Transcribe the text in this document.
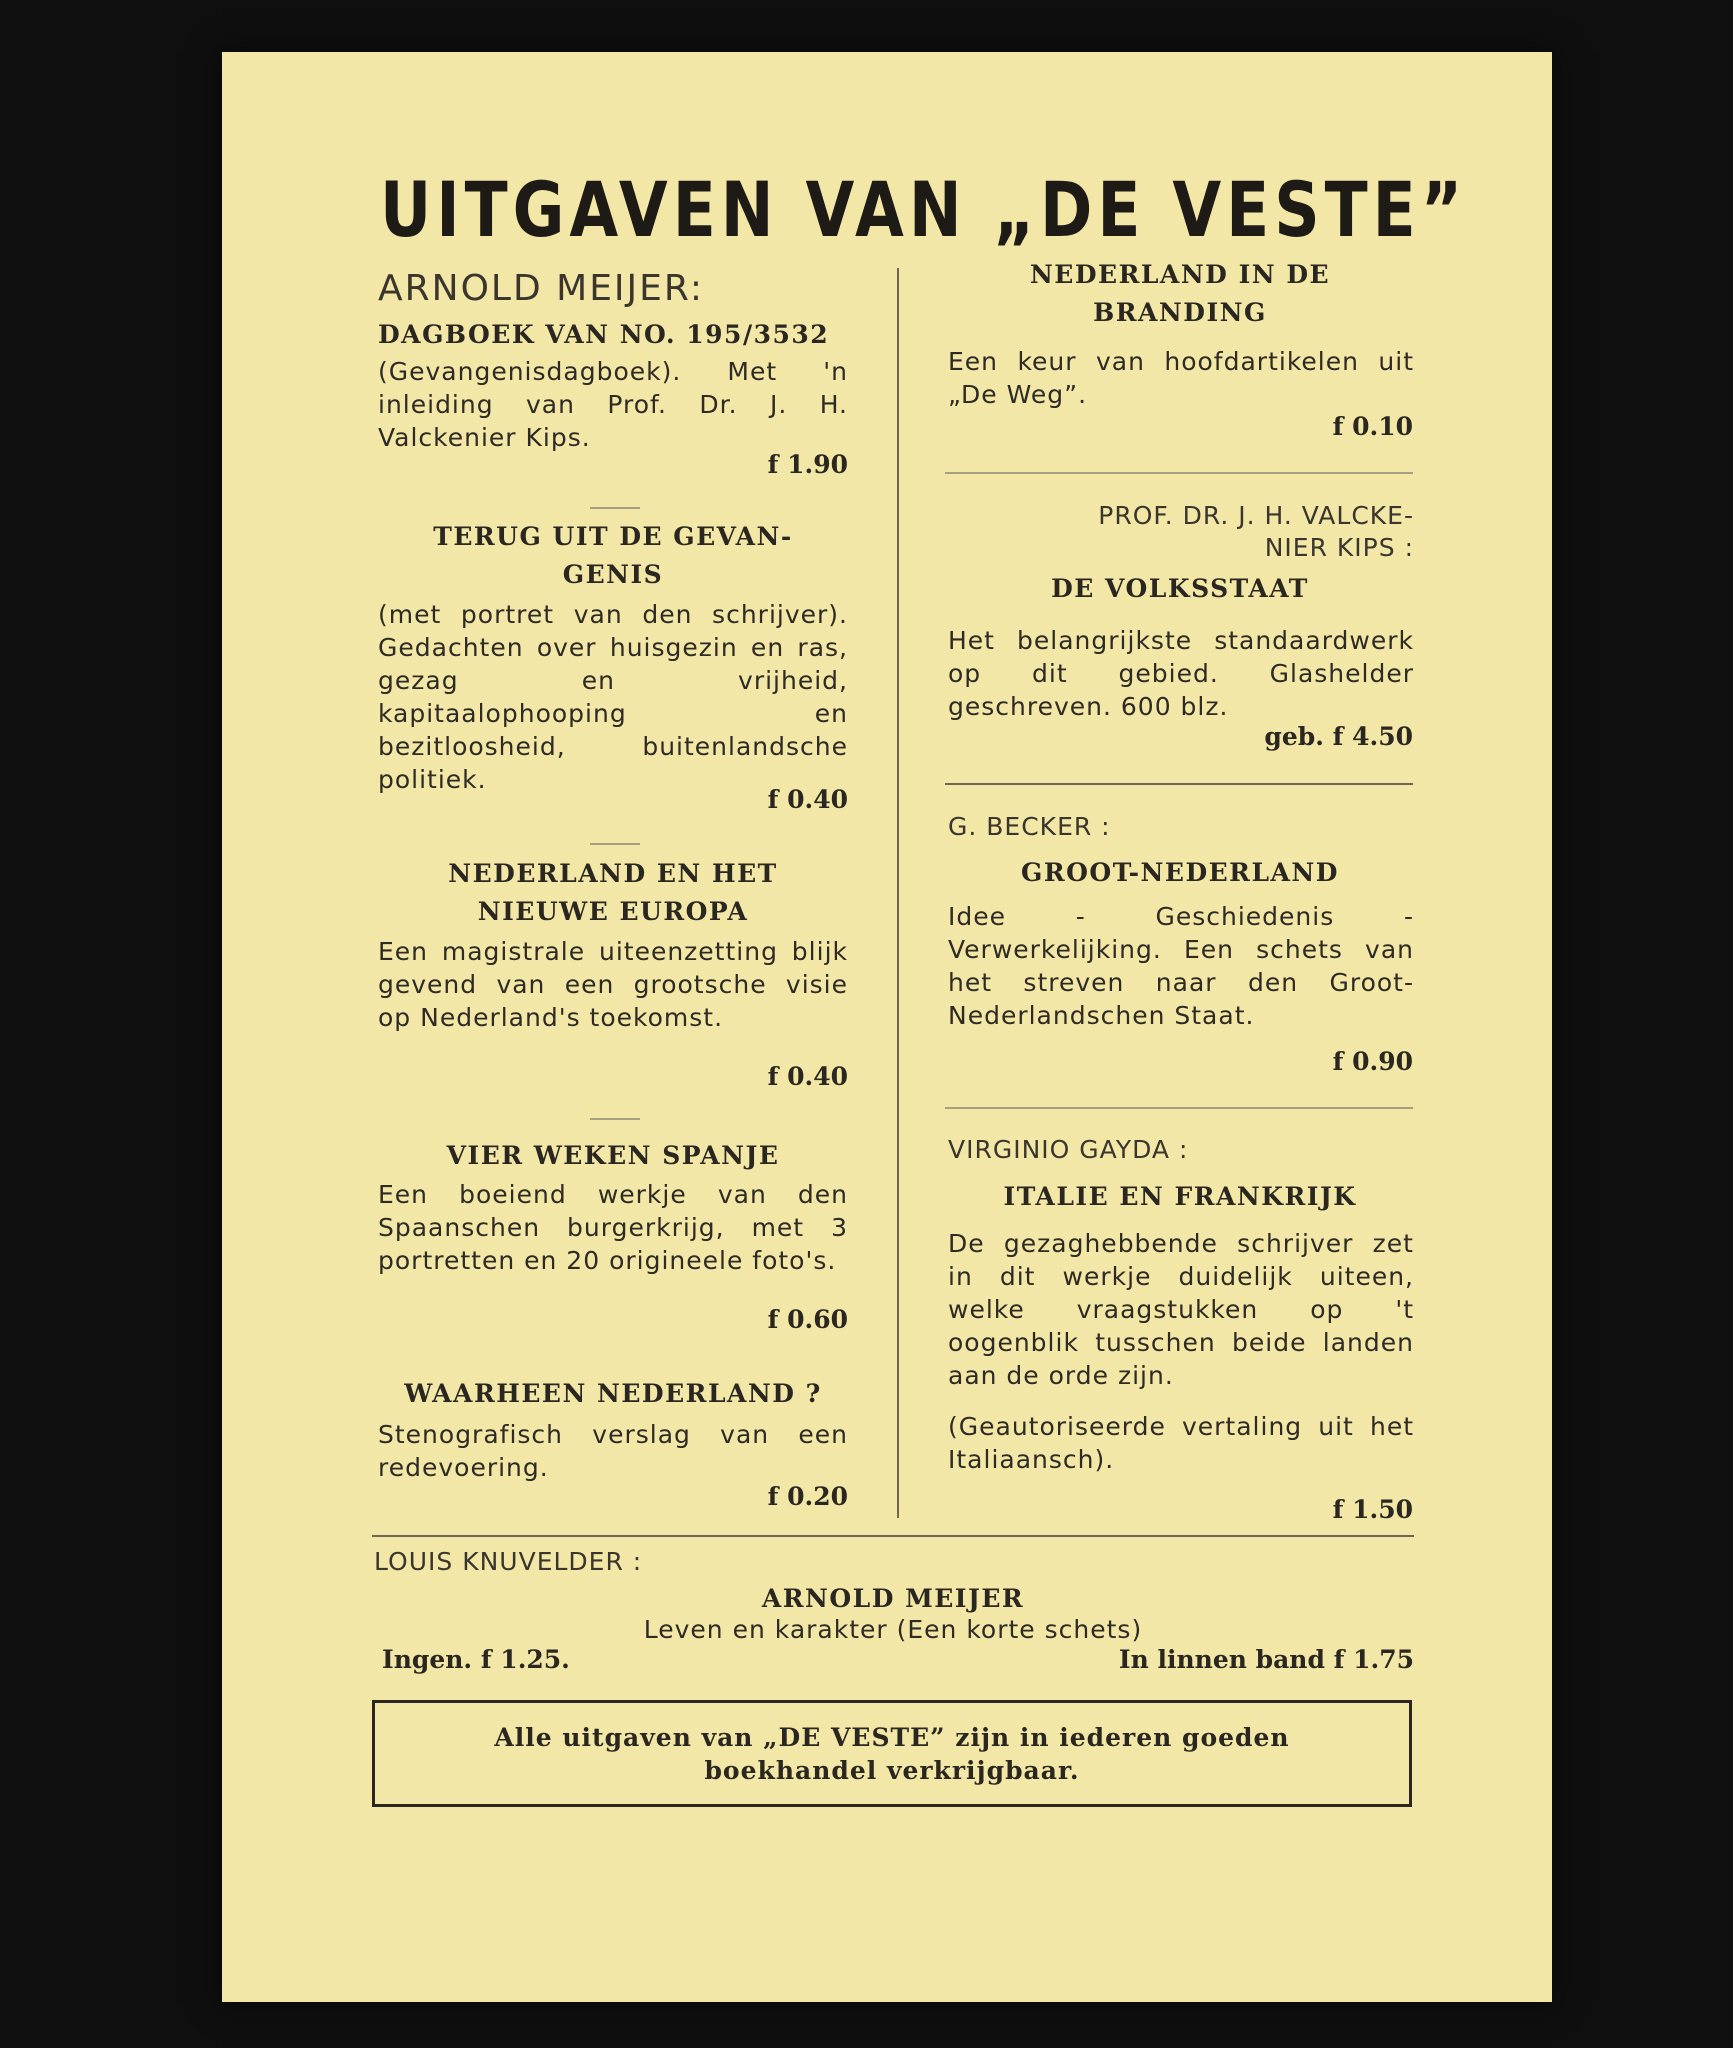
UITGAVEN VAN „DE VESTE”
ARNOLD MEIJER:
DAGBOEK VAN NO. 195/3532
(Gevangenisdagboek). Met 'n inleiding van Prof. Dr. J. H. Valckenier Kips.
f 1.90
TERUG UIT DE GEVAN-
GENIS
(met portret van den schrijver). Gedachten over huisgezin en ras, gezag en vrijheid, kapitaalophooping en bezitloosheid, buitenlandsche politiek.
f 0.40
NEDERLAND EN HET
NIEUWE EUROPA
Een magistrale uiteenzetting blijk gevend van een grootsche visie op Nederland's toekomst.
f 0.40
VIER WEKEN SPANJE
Een boeiend werkje van den Spaanschen burgerkrijg, met 3 portretten en 20 origineele foto's.
f 0.60
WAARHEEN NEDERLAND ?
Stenografisch verslag van een redevoering.
f 0.20
NEDERLAND IN DE
BRANDING
Een keur van hoofdartikelen uit „De Weg”.
f 0.10
PROF. DR. J. H. VALCKE-
NIER KIPS :
DE VOLKSSTAAT
Het belangrijkste standaardwerk op dit gebied. Glashelder geschreven. 600 blz.
geb. f 4.50
G. BECKER :
GROOT-NEDERLAND
Idee - Geschiedenis - Verwerkelijking. Een schets van het streven naar den Groot-Nederlandschen Staat.
f 0.90
VIRGINIO GAYDA :
ITALIE EN FRANKRIJK
De gezaghebbende schrijver zet in dit werkje duidelijk uiteen, welke vraagstukken op 't oogenblik tusschen beide landen aan de orde zijn.
(Geautoriseerde vertaling uit het Italiaansch).
f 1.50
LOUIS KNUVELDER :
ARNOLD MEIJER
Leven en karakter (Een korte schets)
Ingen. f 1.25.	In linnen band f 1.75
Alle uitgaven van „DE VESTE” zijn in iederen goeden boekhandel verkrijgbaar.
